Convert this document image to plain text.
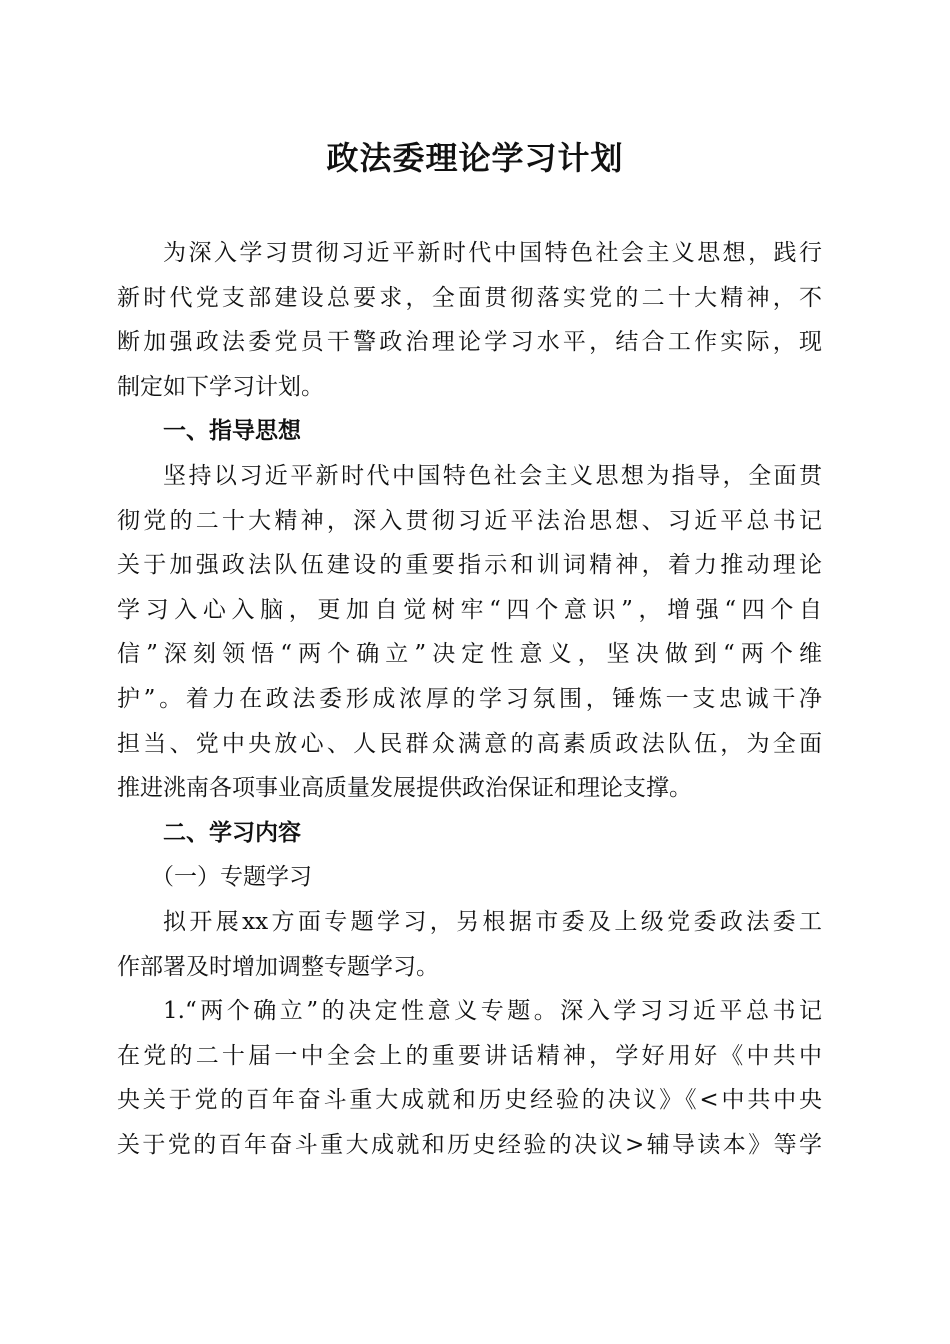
政法委理论学习计划
为深入学习贯彻习近平新时代中国特色社会主义思想，践行
新时代党支部建设总要求，全面贯彻落实党的二十大精神，不
断加强政法委党员干警政治理论学习水平，结合工作实际，现
制定如下学习计划。
一、指导思想
坚持以习近平新时代中国特色社会主义思想为指导，全面贯
彻党的二十大精神，深入贯彻习近平法治思想、习近平总书记
关于加强政法队伍建设的重要指示和训词精神，着力推动理论
学习入心入脑，更加自觉树牢“四个意识”，增强“四个自
信”深刻领悟“两个确立”决定性意义，坚决做到“两个维
护”。着力在政法委形成浓厚的学习氛围，锤炼一支忠诚干净
担当、党中央放心、人民群众满意的高素质政法队伍，为全面
推进洮南各项事业高质量发展提供政治保证和理论支撑。
二、学习内容
（一）专题学习
拟开展xx方面专题学习，另根据市委及上级党委政法委工
作部署及时增加调整专题学习。
1.“两个确立”的决定性意义专题。深入学习习近平总书记
在党的二十届一中全会上的重要讲话精神，学好用好《中共中
央关于党的百年奋斗重大成就和历史经验的决议》《<中共中央
关于党的百年奋斗重大成就和历史经验的决议>辅导读本》等学
